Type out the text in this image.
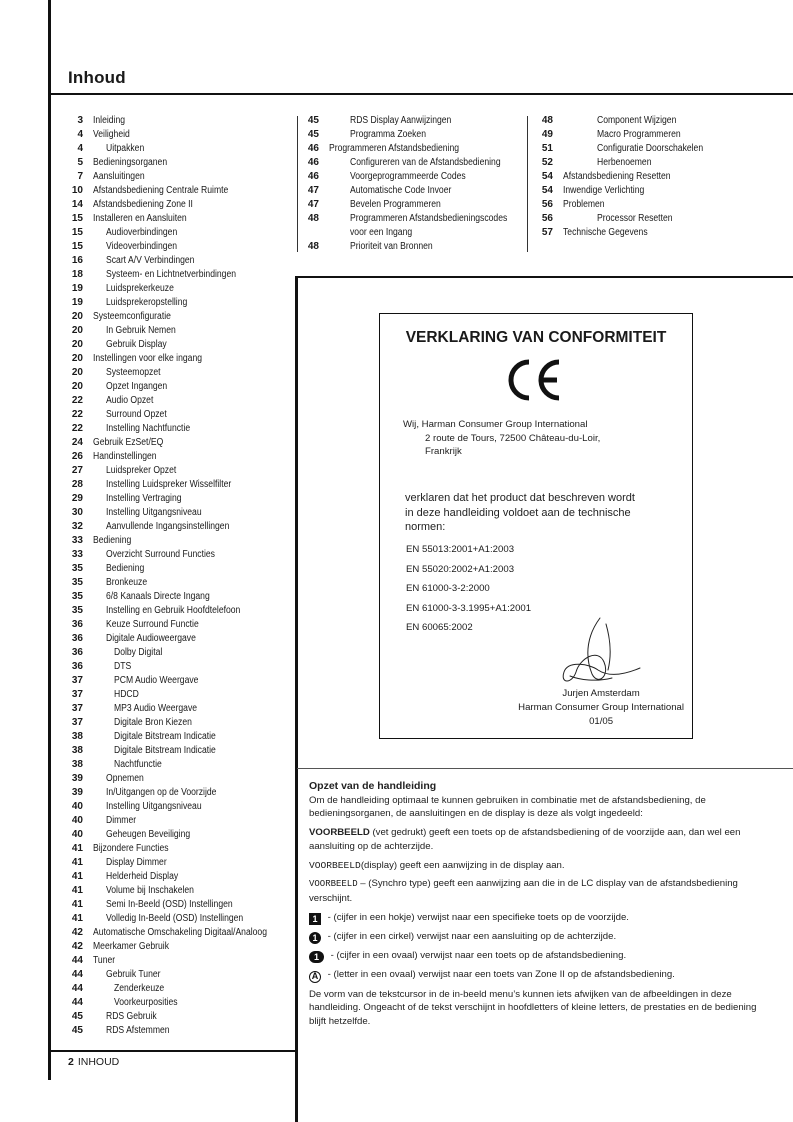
Inhoud
3 Inleiding
4 Veiligheid
4 Uitpakken
5 Bedieningsorganen
7 Aansluitingen
10 Afstandsbediening Centrale Ruimte
14 Afstandsbediening Zone II
15 Installeren en Aansluiten
15 Audioverbindingen
15 Videoverbindingen
16 Scart A/V Verbindingen
18 Systeem- en Lichtnetverbindingen
19 Luidsprekerkeuze
19 Luidsprekeropstelling
20 Systeemconfiguratie
20 In Gebruik Nemen
20 Gebruik Display
20 Instellingen voor elke ingang
20 Systeemopzet
20 Opzet Ingangen
22 Audio Opzet
22 Surround Opzet
22 Instelling Nachtfunctie
24 Gebruik EzSet/EQ
26 Handinstellingen
27 Luidspreker Opzet
28 Instelling Luidspreker Wisselfilter
29 Instelling Vertraging
30 Instelling Uitgangsniveau
32 Aanvullende Ingangsinstellingen
33 Bediening
33 Overzicht Surround Functies
35 Bediening
35 Bronkeuze
35 6/8 Kanaals Directe Ingang
35 Instelling en Gebruik Hoofdtelefoon
36 Keuze Surround Functie
36 Digitale Audioweergave
36	Dolby Digital
36	DTS
37	PCM Audio Weergave
37	HDCD
37	MP3 Audio Weergave
37	Digitale Bron Kiezen
38	Digitale Bitstream Indicatie
38	Digitale Bitstream Indicatie
38	Nachtfunctie
39 Opnemen
39 In/Uitgangen op de Voorzijde
40 Instelling Uitgangsniveau
40 Dimmer
40 Geheugen Beveiliging
41 Bijzondere Functies
41 Display Dimmer
41 Helderheid Display
41 Volume bij Inschakelen
41 Semi In-Beeld (OSD) Instellingen
41 Volledig In-Beeld (OSD) Instellingen
42 Automatische Omschakeling Digitaal/Analoog
42 Meerkamer Gebruik
44 Tuner
44 Gebruik Tuner
44	Zenderkeuze
44	Voorkeurposities
45 RDS Gebruik
45 RDS Afstemmen
45	RDS Display Aanwijzingen
45	Programma Zoeken
46 Programmeren Afstandsbediening
46	Configureren van de Afstandsbediening
46	Voorgeprogrammeerde Codes
47	Automatische Code Invoer
47	Bevelen Programmeren
48	Programmeren Afstandsbedieningscodes
voor een Ingang
48	Prioriteit van Bronnen
48	Component Wijzigen
49	Macro Programmeren
51	Configuratie Doorschakelen
52	Herbenoemen
54 Afstandsbediening Resetten
54 Inwendige Verlichting
56 Problemen
56	Processor Resetten
57 Technische Gegevens
VERKLARING VAN CONFORMITEIT
Wij, Harman Consumer Group International
2 route de Tours, 72500 Château-du-Loir,
Frankrijk
verklaren dat het product dat beschreven wordt in deze handleiding voldoet aan de technische normen:
EN 55013:2001+A1:2003
EN 55020:2002+A1:2003
EN 61000-3-2:2000
EN 61000-3-3.1995+A1:2001
EN 60065:2002
Jurjen Amsterdam
Harman Consumer Group International
01/05
Opzet van de handleiding

Om de handleiding optimaal te kunnen gebruiken in combinatie met de afstandsbediening, de bedieningsorganen, de aansluitingen en de display is deze als volgt ingedeeld:

VOORBEELD (vet gedrukt) geeft een toets op de afstandsbediening of de voorzijde aan, dan wel een aansluiting op de achterzijde.

VOORBEELD(display) geeft een aanwijzing in de display aan.

VOORBEELD – (Synchro type) geeft een aanwijzing aan die in de LC display van de afstandsbediening verschijnt.

1 - (cijfer in een hokje) verwijst naar een specifieke toets op de voorzijde.

1 - (cijfer in een cirkel) verwijst naar een aansluiting op de achterzijde.

1 - (cijfer in een ovaal) verwijst naar een toets op de afstandsbediening.

A - (letter in een ovaal) verwijst naar een toets van Zone II op de afstandsbediening.

De vorm van de tekstcursor in de in-beeld menu’s kunnen iets afwijken van de afbeeldingen in deze handleiding. Ongeacht of de tekst verschijnt in hoofdletters of kleine letters, de prestaties en de bediening blijft hetzelfde.

2 INHOUD
